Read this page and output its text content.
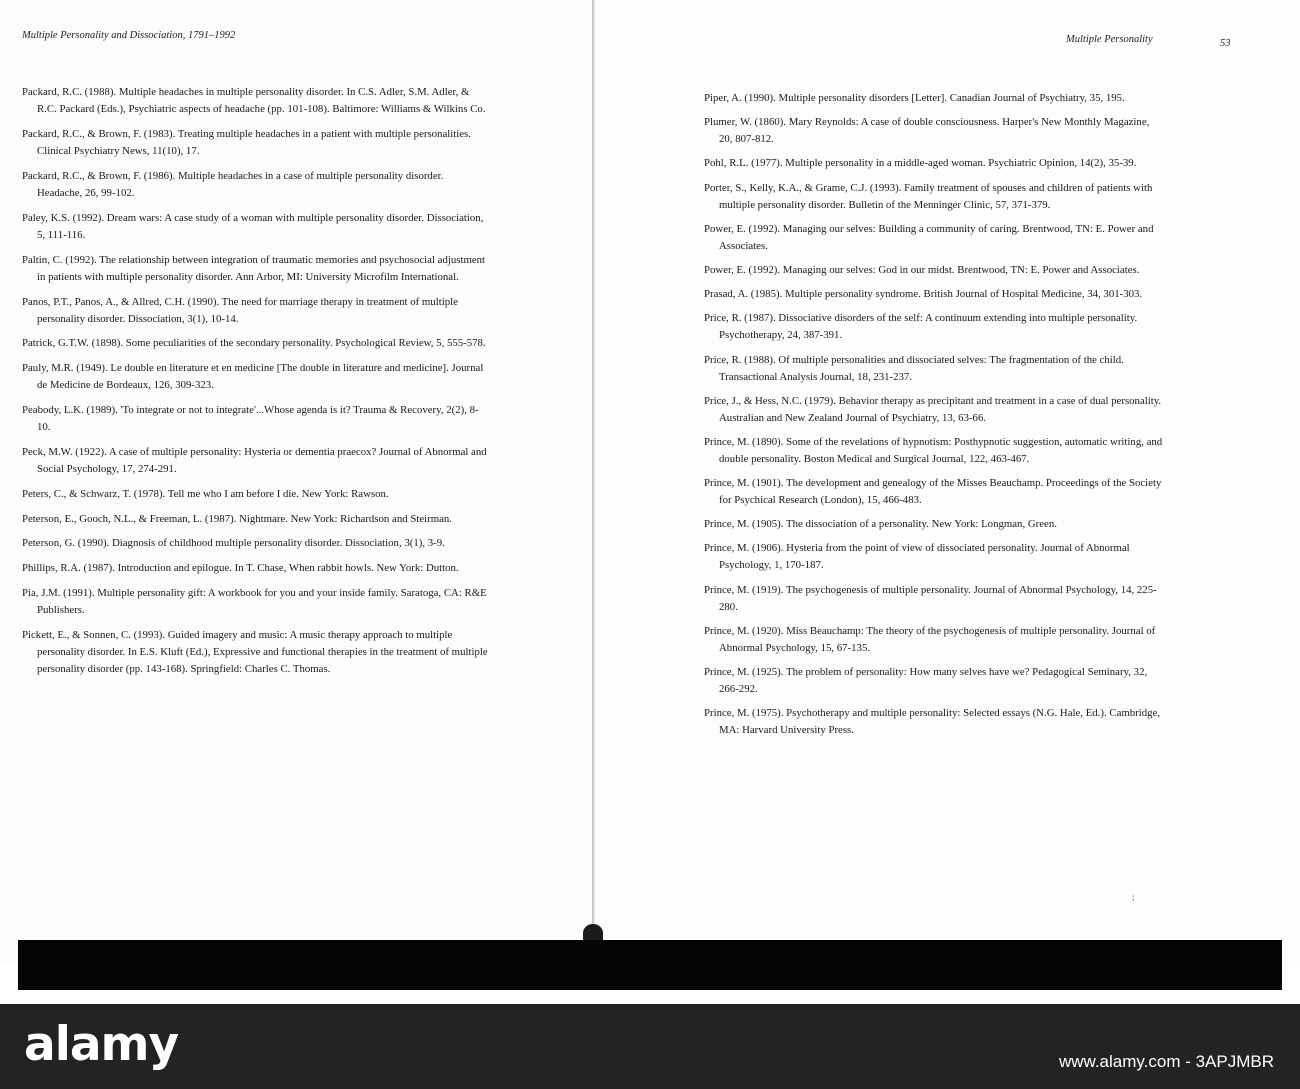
Multiple Personality and Dissociation, 1791–1992
Packard, R.C. (1988). Multiple headaches in multiple personality disorder. In C.S. Adler, S.M. Adler, & R.C. Packard (Eds.), Psychiatric aspects of headache (pp. 101-108). Baltimore: Williams & Wilkins Co.
Packard, R.C., & Brown, F. (1983). Treating multiple headaches in a patient with multiple personalities. Clinical Psychiatry News, 11(10), 17.
Packard, R.C., & Brown, F. (1986). Multiple headaches in a case of multiple personality disorder. Headache, 26, 99-102.
Paley, K.S. (1992). Dream wars: A case study of a woman with multiple personality disorder. Dissociation, 5, 111-116.
Paltin, C. (1992). The relationship between integration of traumatic memories and psychosocial adjustment in patients with multiple personality disorder. Ann Arbor, MI: University Microfilm International.
Panos, P.T., Panos, A., & Allred, C.H. (1990). The need for marriage therapy in treatment of multiple personality disorder. Dissociation, 3(1), 10-14.
Patrick, G.T.W. (1898). Some peculiarities of the secondary personality. Psychological Review, 5, 555-578.
Pauly, M.R. (1949). Le double en literature et en medicine [The double in literature and medicine]. Journal de Medicine de Bordeaux, 126, 309-323.
Peabody, L.K. (1989). 'To integrate or not to integrate'...Whose agenda is it? Trauma & Recovery, 2(2), 8-10.
Peck, M.W. (1922). A case of multiple personality: Hysteria or dementia praecox? Journal of Abnormal and Social Psychology, 17, 274-291.
Peters, C., & Schwarz, T. (1978). Tell me who I am before I die. New York: Rawson.
Peterson, E., Gooch, N.L., & Freeman, L. (1987). Nightmare. New York: Richardson and Steirman.
Peterson, G. (1990). Diagnosis of childhood multiple personality disorder. Dissociation, 3(1), 3-9.
Phillips, R.A. (1987). Introduction and epilogue. In T. Chase, When rabbit howls. New York: Dutton.
Pia, J.M. (1991). Multiple personality gift: A workbook for you and your inside family. Saratoga, CA: R&E Publishers.
Pickett, E., & Sonnen, C. (1993). Guided imagery and music: A music therapy approach to multiple personality disorder. In E.S. Kluft (Ed.), Expressive and functional therapies in the treatment of multiple personality disorder (pp. 143-168). Springfield: Charles C. Thomas.
Multiple Personality	53
Piper, A. (1990). Multiple personality disorders [Letter]. Canadian Journal of Psychiatry, 35, 195.
Plumer, W. (1860). Mary Reynolds: A case of double consciousness. Harper's New Monthly Magazine, 20, 807-812.
Pohl, R.L. (1977). Multiple personality in a middle-aged woman. Psychiatric Opinion, 14(2), 35-39.
Porter, S., Kelly, K.A., & Grame, C.J. (1993). Family treatment of spouses and children of patients with multiple personality disorder. Bulletin of the Menninger Clinic, 57, 371-379.
Power, E. (1992). Managing our selves: Building a community of caring. Brentwood, TN: E. Power and Associates.
Power, E. (1992). Managing our selves: God in our midst. Brentwood, TN: E. Power and Associates.
Prasad, A. (1985). Multiple personality syndrome. British Journal of Hospital Medicine, 34, 301-303.
Price, R. (1987). Dissociative disorders of the self: A continuum extending into multiple personality. Psychotherapy, 24, 387-391.
Price, R. (1988). Of multiple personalities and dissociated selves: The fragmentation of the child. Transactional Analysis Journal, 18, 231-237.
Price, J., & Hess, N.C. (1979). Behavior therapy as precipitant and treatment in a case of dual personality. Australian and New Zealand Journal of Psychiatry, 13, 63-66.
Prince, M. (1890). Some of the revelations of hypnotism: Posthypnotic suggestion, automatic writing, and double personality. Boston Medical and Surgical Journal, 122, 463-467.
Prince, M. (1901). The development and genealogy of the Misses Beauchamp. Proceedings of the Society for Psychical Research (London), 15, 466-483.
Prince, M. (1905). The dissociation of a personality. New York: Longman, Green.
Prince, M. (1906). Hysteria from the point of view of dissociated personality. Journal of Abnormal Psychology, 1, 170-187.
Prince, M. (1919). The psychogenesis of multiple personality. Journal of Abnormal Psychology, 14, 225-280.
Prince, M. (1920). Miss Beauchamp: The theory of the psychogenesis of multiple personality. Journal of Abnormal Psychology, 15, 67-135.
Prince, M. (1925). The problem of personality: How many selves have we? Pedagogical Seminary, 32, 266-292.
Prince, M. (1975). Psychotherapy and multiple personality: Selected essays (N.G. Hale, Ed.). Cambridge, MA: Harvard University Press.
;
alamy	www.alamy.com - 3APJMBR
